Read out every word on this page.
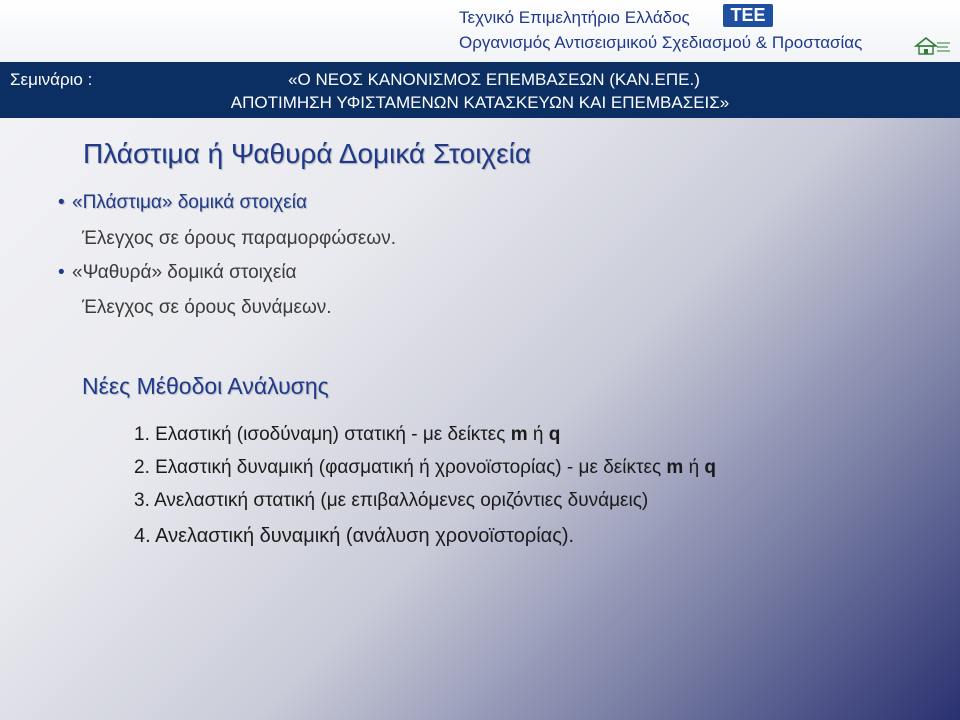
Τεχνικό Επιμελητήριο Ελλάδος	TEE
Οργανισμός Αντισεισμικού Σχεδιασμού & Προστασίας
Σεμινάριο :	«Ο ΝΕΟΣ ΚΑΝΟΝΙΣΜΟΣ ΕΠΕΜΒΑΣΕΩΝ (ΚΑΝ.ΕΠΕ.)
ΑΠΟΤΙΜΗΣΗ ΥΦΙΣΤΑΜΕΝΩΝ ΚΑΤΑΣΚΕΥΩΝ ΚΑΙ ΕΠΕΜΒΑΣΕΙΣ»
Πλάστιμα ή Ψαθυρά Δομικά Στοιχεία
• «Πλάστιμα» δομικά στοιχεία
Έλεγχος σε όρους παραμορφώσεων.
• «Ψαθυρά» δομικά στοιχεία
Έλεγχος σε όρους δυνάμεων.
Νέες Μέθοδοι Ανάλυσης
1. Ελαστική (ισοδύναμη) στατική - με δείκτες m ή q
2. Ελαστική δυναμική (φασματική ή χρονοϊστορίας) - με δείκτες m ή q
3. Ανελαστική στατική (με επιβαλλόμενες οριζόντιες δυνάμεις)
4. Ανελαστική δυναμική (ανάλυση χρονοϊστορίας).
